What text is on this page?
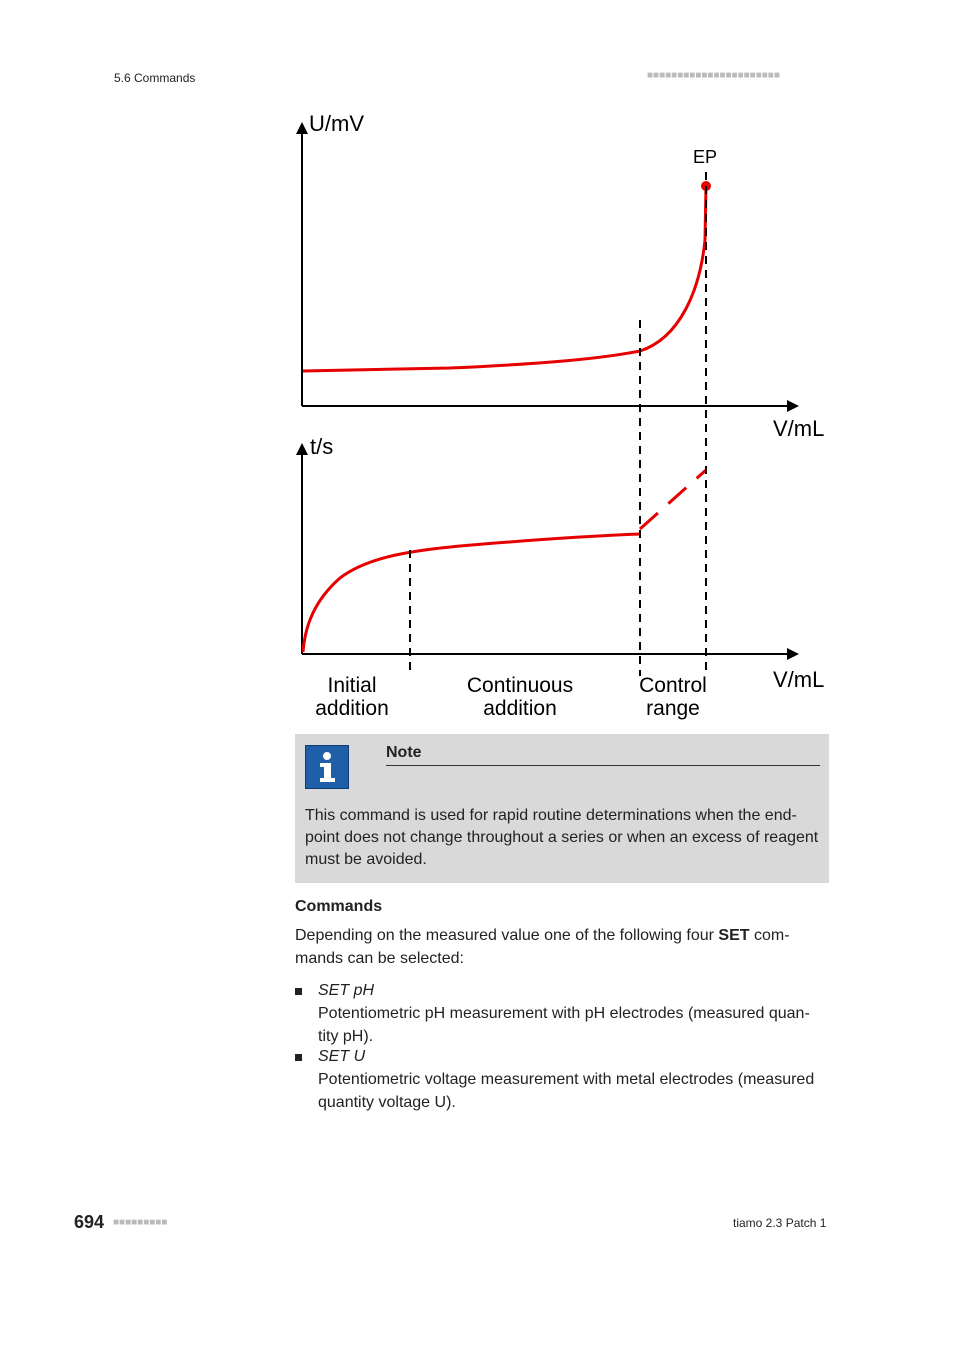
5.6 Commands	■■■■■■■■■■■■■■■■■■■■■■
U/mV
V/mL
EP
t/s
V/mL
Initial
addition
Continuous
addition
Control
range
Note
This command is used for rapid routine determinations when the end-point does not change throughout a series or when an excess of reagent must be avoided.
Commands
Depending on the measured value one of the following four SET com-mands can be selected:
SET pH
Potentiometric pH measurement with pH electrodes (measured quan-tity pH).
SET U
Potentiometric voltage measurement with metal electrodes (measured quantity voltage U).
694 ■■■■■■■■■	tiamo 2.3 Patch 1
